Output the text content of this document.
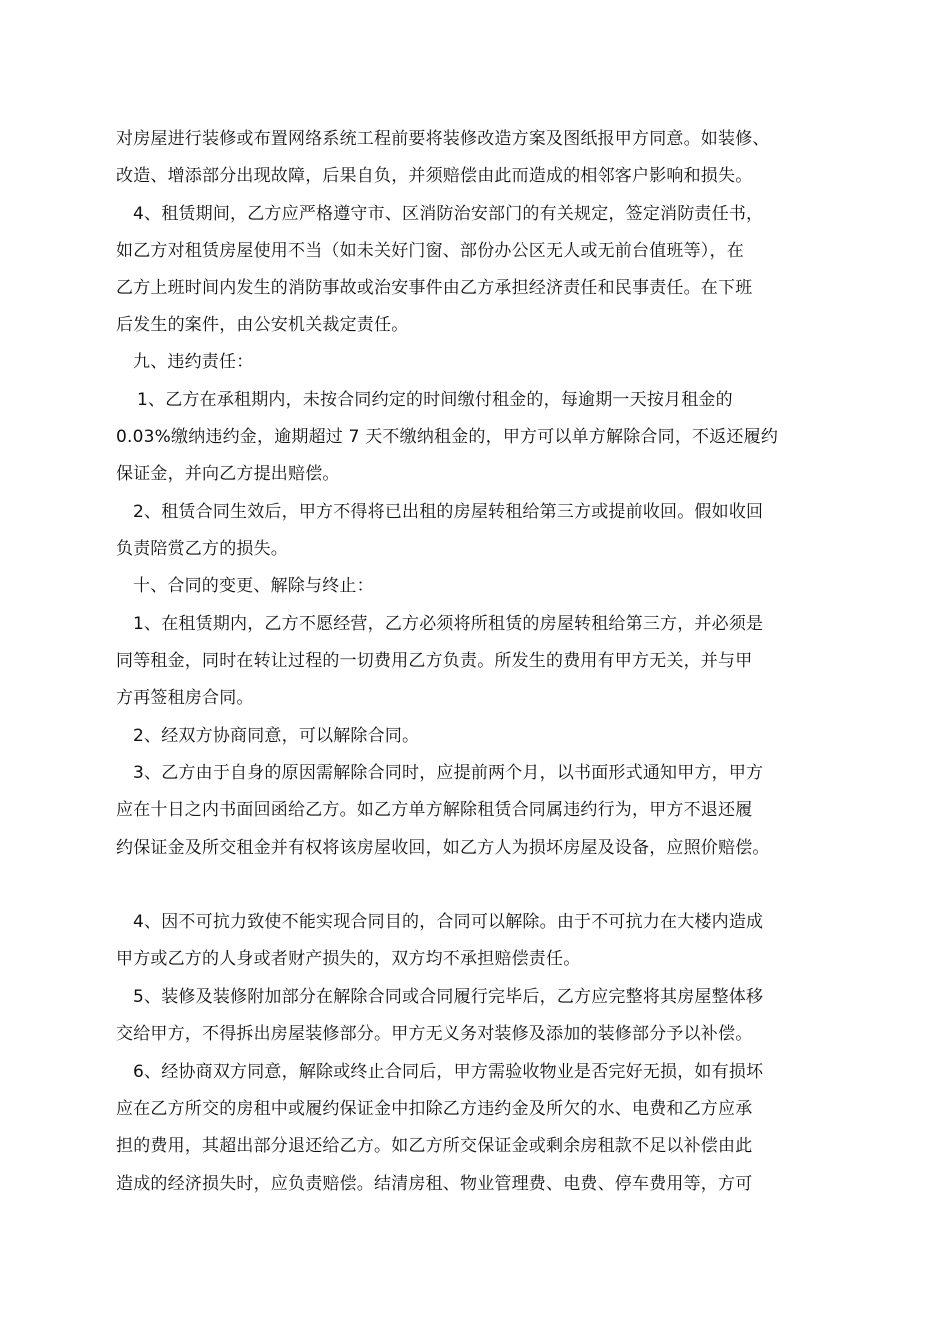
对房屋进行装修或布置网络系统工程前要将装修改造方案及图纸报甲方同意。如装修、
改造、增添部分出现故障，后果自负，并须赔偿由此而造成的相邻客户影响和损失。
4、租赁期间，乙方应严格遵守市、区消防治安部门的有关规定，签定消防责任书，
如乙方对租赁房屋使用不当（如未关好门窗、部份办公区无人或无前台值班等），在
乙方上班时间内发生的消防事故或治安事件由乙方承担经济责任和民事责任。在下班
后发生的案件，由公安机关裁定责任。
九、违约责任：
1、乙方在承租期内，未按合同约定的时间缴付租金的，每逾期一天按月租金的
0.03%缴纳违约金，逾期超过 7 天不缴纳租金的，甲方可以单方解除合同，不返还履约
保证金，并向乙方提出赔偿。
2、租赁合同生效后，甲方不得将已出租的房屋转租给第三方或提前收回。假如收回
负责陪赏乙方的损失。
十、合同的变更、解除与终止：
1、在租赁期内，乙方不愿经营，乙方必须将所租赁的房屋转租给第三方，并必须是
同等租金，同时在转让过程的一切费用乙方负责。所发生的费用有甲方无关，并与甲
方再签租房合同。
2、经双方协商同意，可以解除合同。
3、乙方由于自身的原因需解除合同时，应提前两个月，以书面形式通知甲方，甲方
应在十日之内书面回函给乙方。如乙方单方解除租赁合同属违约行为，甲方不退还履
约保证金及所交租金并有权将该房屋收回，如乙方人为损坏房屋及设备，应照价赔偿。
4、因不可抗力致使不能实现合同目的，合同可以解除。由于不可抗力在大楼内造成
甲方或乙方的人身或者财产损失的，双方均不承担赔偿责任。
5、装修及装修附加部分在解除合同或合同履行完毕后，乙方应完整将其房屋整体移
交给甲方，不得拆出房屋装修部分。甲方无义务对装修及添加的装修部分予以补偿。
6、经协商双方同意，解除或终止合同后，甲方需验收物业是否完好无损，如有损坏
应在乙方所交的房租中或履约保证金中扣除乙方违约金及所欠的水、电费和乙方应承
担的费用，其超出部分退还给乙方。如乙方所交保证金或剩余房租款不足以补偿由此
造成的经济损失时，应负责赔偿。结清房租、物业管理费、电费、停车费用等，方可
